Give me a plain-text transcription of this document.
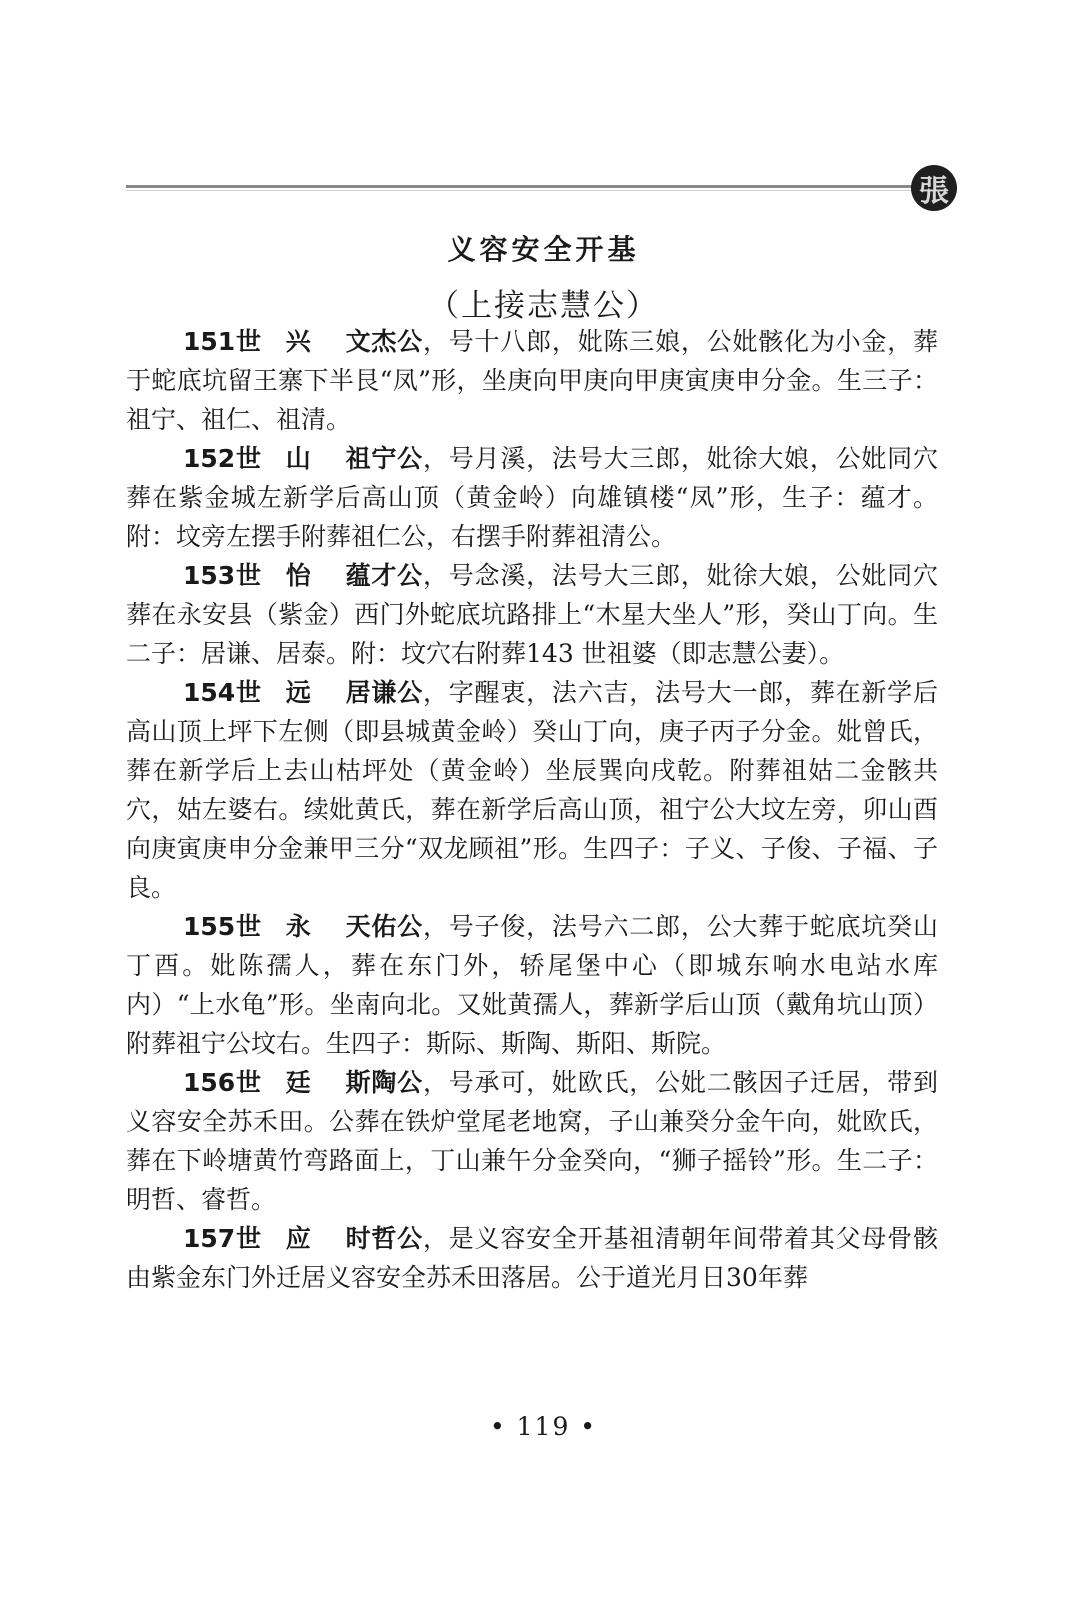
張
义容安全开基
（上接志慧公）

151世 兴 文杰公，号十八郎，妣陈三娘，公妣骸化为小金，葬于蛇底坑留王寨下半艮“凤”形，坐庚向甲庚向甲庚寅庚申分金。生三子：祖宁、祖仁、祖清。

152世 山 祖宁公，号月溪，法号大三郎，妣徐大娘，公妣同穴葬在紫金城左新学后高山顶（黄金岭）向雄镇楼“凤”形，生子：蕴才。附：坟旁左摆手附葬祖仁公，右摆手附葬祖清公。

153世 怡 蕴才公，号念溪，法号大三郎，妣徐大娘，公妣同穴葬在永安县（紫金）西门外蛇底坑路排上“木星大坐人”形，癸山丁向。生二子：居谦、居泰。附：坟穴右附葬143 世祖婆（即志慧公妻）。

154世 远 居谦公，字醒衷，法六吉，法号大一郎，葬在新学后高山顶上坪下左侧（即县城黄金岭）癸山丁向，庚子丙子分金。妣曾氏，葬在新学后上去山枯坪处（黄金岭）坐辰巽向戌乾。附葬祖姑二金骸共穴，姑左婆右。续妣黄氏，葬在新学后高山顶，祖宁公大坟左旁，卯山酉向庚寅庚申分金兼甲三分“双龙顾祖”形。生四子：子义、子俊、子福、子良。

155世 永 天佑公，号子俊，法号六二郎，公大葬于蛇底坑癸山丁酉。妣陈孺人，葬在东门外，轿尾堡中心（即城东响水电站水库内）“上水龟”形。坐南向北。又妣黄孺人，葬新学后山顶（戴角坑山顶）附葬祖宁公坟右。生四子：斯际、斯陶、斯阳、斯院。

156世 廷 斯陶公，号承可，妣欧氏，公妣二骸因子迁居，带到义容安全苏禾田。公葬在铁炉堂尾老地窝，子山兼癸分金午向，妣欧氏，葬在下岭塘黄竹弯路面上，丁山兼午分金癸向，“狮子摇铃”形。生二子：明哲、睿哲。

157世 应 时哲公，是义容安全开基祖清朝年间带着其父母骨骸由紫金东门外迁居义容安全苏禾田落居。公于道光月日30年葬

• 119 •
